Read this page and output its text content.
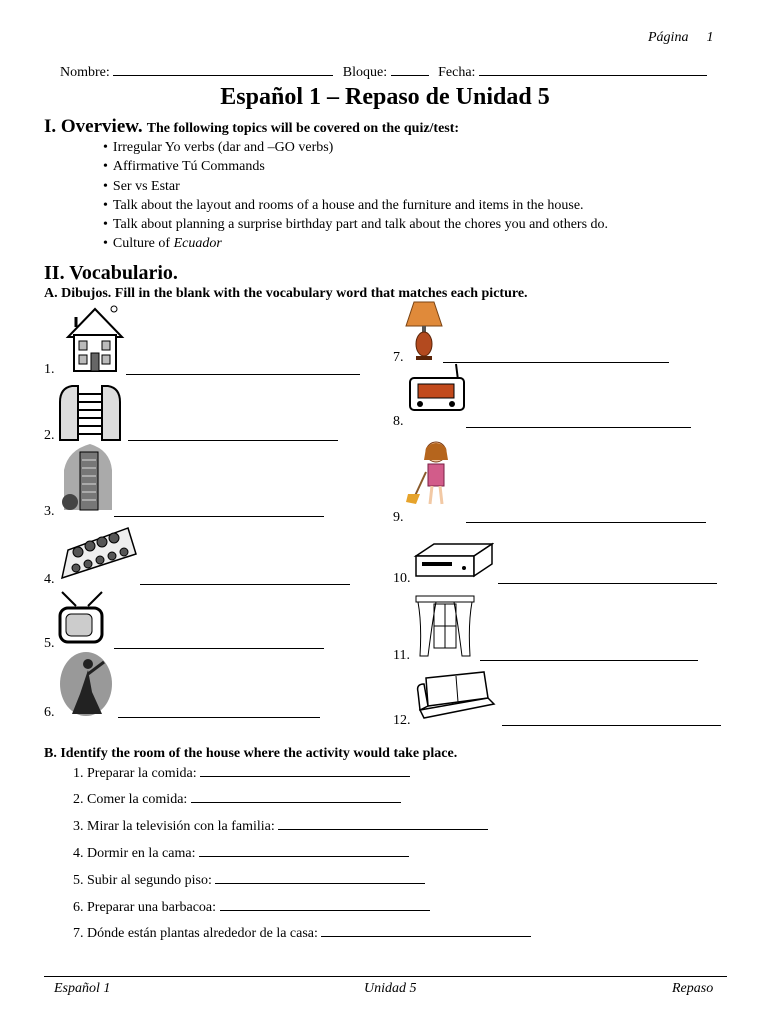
Página 1
Nombre:	Bloque:	Fecha:
Español 1 – Repaso de Unidad 5
I. Overview. The following topics will be covered on the quiz/test:
• Irregular Yo verbs (dar and –GO verbs)
• Affirmative Tú Commands
• Ser vs Estar
• Talk about the layout and rooms of a house and the furniture and items in the house.
• Talk about planning a surprise birthday part and talk about the chores you and others do.
• Culture of Ecuador
II. Vocabulario.
A. Dibujos. Fill in the blank with the vocabulary word that matches each picture.
1.
2.
3.
4.
5.
6.
7.
8.
9.
10.
11.
12.
B. Identify the room of the house where the activity would take place.
1. Preparar la comida:
2. Comer la comida:
3. Mirar la televisión con la familia:
4. Dormir en la cama:
5. Subir al segundo piso:
6. Preparar una barbacoa:
7. Dónde están plantas alrededor de la casa:
Español 1	Unidad 5	Repaso
